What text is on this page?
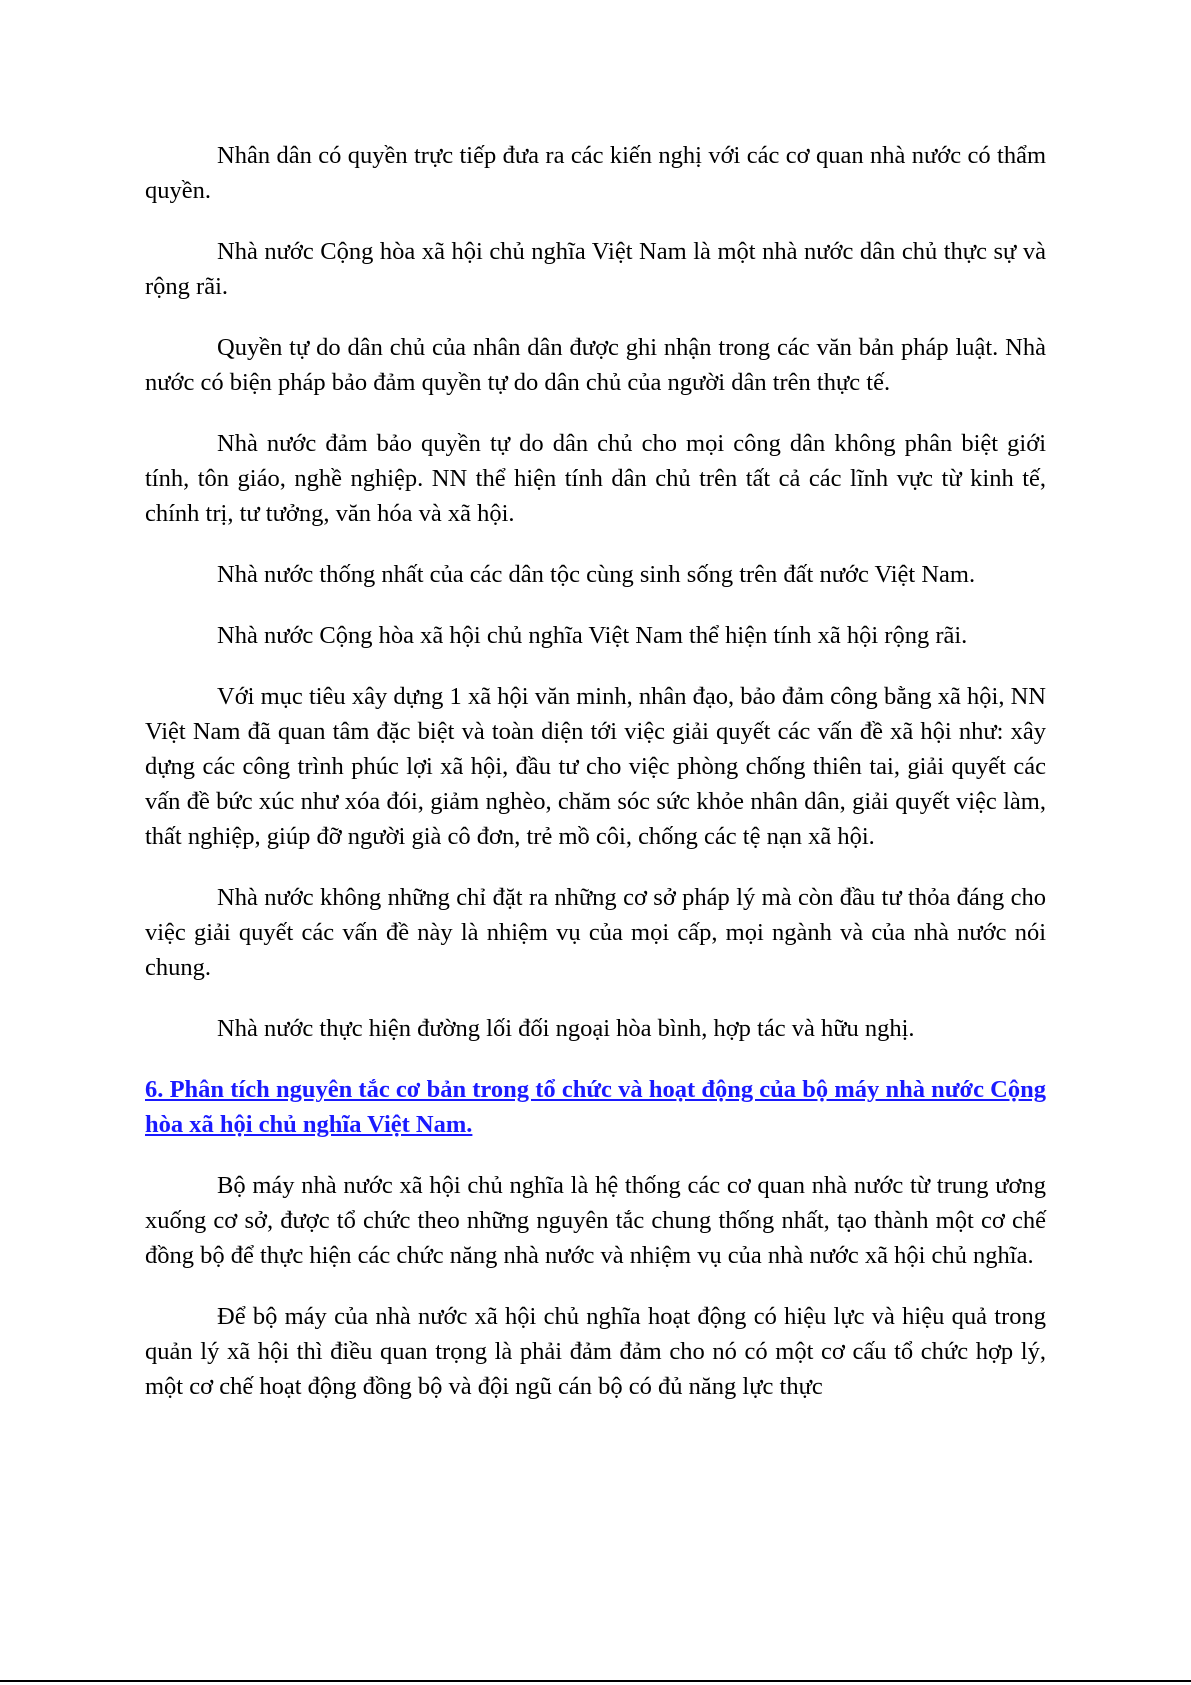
Nhân dân có quyền trực tiếp đưa ra các kiến nghị với các cơ quan nhà nước có thẩm quyền.

Nhà nước Cộng hòa xã hội chủ nghĩa Việt Nam là một nhà nước dân chủ thực sự và rộng rãi.

Quyền tự do dân chủ của nhân dân được ghi nhận trong các văn bản pháp luật. Nhà nước có biện pháp bảo đảm quyền tự do dân chủ của người dân trên thực tế.

Nhà nước đảm bảo quyền tự do dân chủ cho mọi công dân không phân biệt giới tính, tôn giáo, nghề nghiệp. NN thể hiện tính dân chủ trên tất cả các lĩnh vực từ kinh tế, chính trị, tư tưởng, văn hóa và xã hội.

Nhà nước thống nhất của các dân tộc cùng sinh sống trên đất nước Việt Nam.

Nhà nước Cộng hòa xã hội chủ nghĩa Việt Nam thể hiện tính xã hội rộng rãi.

Với mục tiêu xây dựng 1 xã hội văn minh, nhân đạo, bảo đảm công bằng xã hội, NN Việt Nam đã quan tâm đặc biệt và toàn diện tới việc giải quyết các vấn đề xã hội như: xây dựng các công trình phúc lợi xã hội, đầu tư cho việc phòng chống thiên tai, giải quyết các vấn đề bức xúc như xóa đói, giảm nghèo, chăm sóc sức khỏe nhân dân, giải quyết việc làm, thất nghiệp, giúp đỡ người già cô đơn, trẻ mồ côi, chống các tệ nạn xã hội.

Nhà nước không những chỉ đặt ra những cơ sở pháp lý mà còn đầu tư thỏa đáng cho việc giải quyết các vấn đề này là nhiệm vụ của mọi cấp, mọi ngành và của nhà nước nói chung.

Nhà nước thực hiện đường lối đối ngoại hòa bình, hợp tác và hữu nghị.

6. Phân tích nguyên tắc cơ bản trong tổ chức và hoạt động của bộ máy nhà nước Cộng hòa xã hội chủ nghĩa Việt Nam.

Bộ máy nhà nước xã hội chủ nghĩa là hệ thống các cơ quan nhà nước từ trung ương xuống cơ sở, được tổ chức theo những nguyên tắc chung thống nhất, tạo thành một cơ chế đồng bộ để thực hiện các chức năng nhà nước và nhiệm vụ của nhà nước xã hội chủ nghĩa.

Để bộ máy của nhà nước xã hội chủ nghĩa hoạt động có hiệu lực và hiệu quả trong quản lý xã hội thì điều quan trọng là phải đảm đảm cho nó có một cơ cấu tổ chức hợp lý, một cơ chế hoạt động đồng bộ và đội ngũ cán bộ có đủ năng lực thực
